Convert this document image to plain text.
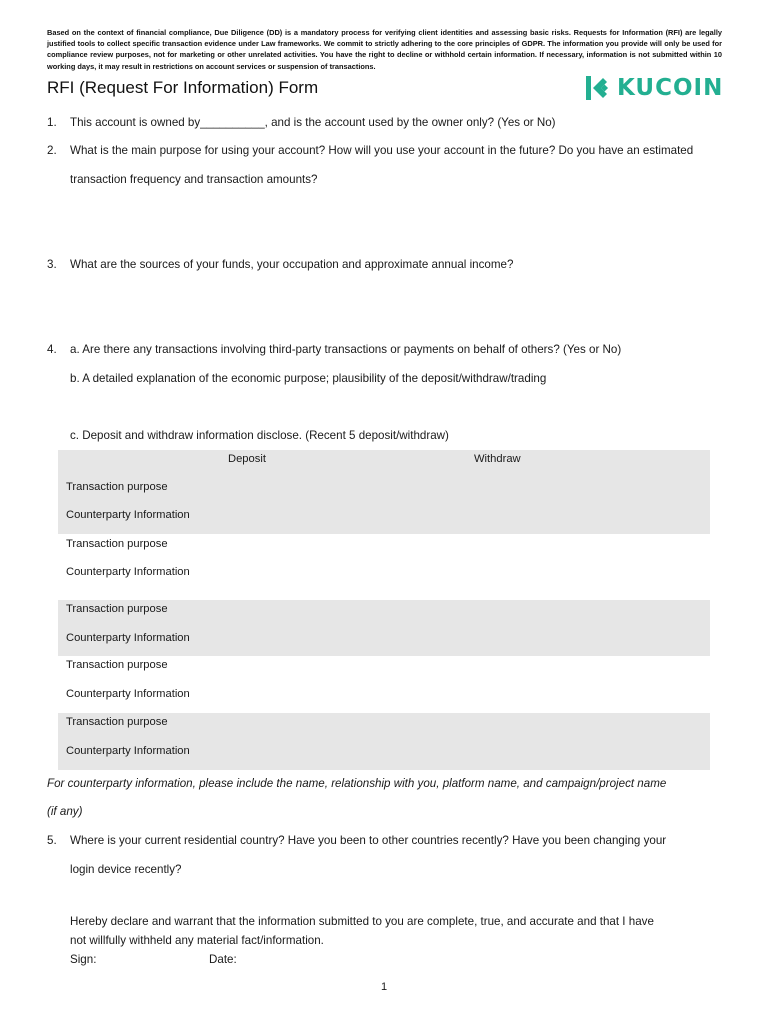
Based on the context of financial compliance, Due Diligence (DD) is a mandatory process for verifying client identities and assessing basic risks. Requests for Information (RFI) are legally justified tools to collect specific transaction evidence under Law frameworks. We commit to strictly adhering to the core principles of GDPR. The information you provide will only be used for compliance review purposes, not for marketing or other unrelated activities. You have the right to decline or withhold certain information. If necessary, information is not submitted within 10 working days, it may result in restrictions on account services or suspension of transactions.
RFI (Request For Information) Form	KUCOIN
1. This account is owned by__________, and is the account used by the owner only? (Yes or No)
2. What is the main purpose for using your account? How will you use your account in the future? Do you have an estimated
transaction frequency and transaction amounts?
3. What are the sources of your funds, your occupation and approximate annual income?
4. a. Are there any transactions involving third-party transactions or payments on behalf of others? (Yes or No)
b. A detailed explanation of the economic purpose; plausibility of the deposit/withdraw/trading
c. Deposit and withdraw information disclose. (Recent 5 deposit/withdraw)
Deposit	Withdraw
Transaction purpose
Counterparty Information
Transaction purpose
Counterparty Information
Transaction purpose
Counterparty Information
Transaction purpose
Counterparty Information
Transaction purpose
Counterparty Information
For counterparty information, please include the name, relationship with you, platform name, and campaign/project name
(if any)
5. Where is your current residential country? Have you been to other countries recently? Have you been changing your
login device recently?
Hereby declare and warrant that the information submitted to you are complete, true, and accurate and that I have
not willfully withheld any material fact/information.
Sign:	Date:
1
